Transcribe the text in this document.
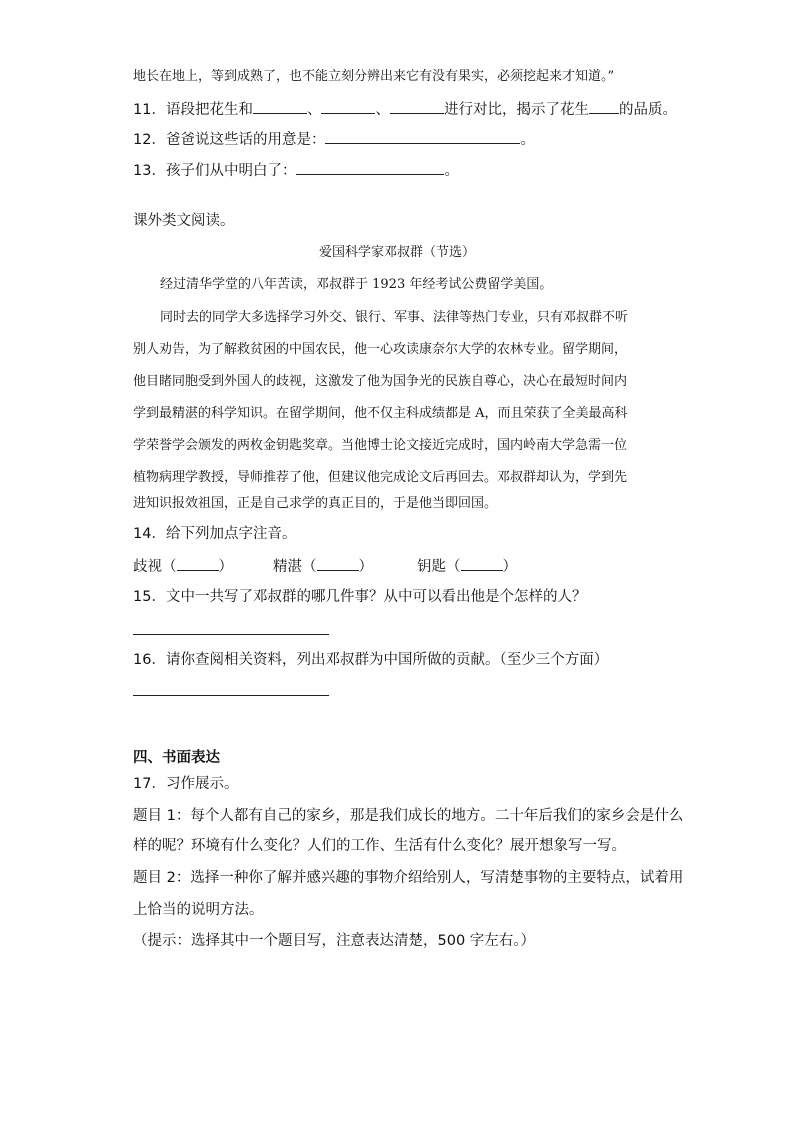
地长在地上，等到成熟了，也不能立刻分辨出来它有没有果实，必须挖起来才知道。”
11．语段把花生和	、	、	进行对比，揭示了花生 的品质。
12．爸爸说这些话的用意是：	。
13．孩子们从中明白了：	。
课外类文阅读。
爱国科学家邓叔群（节选）
经过清华学堂的八年苦读，邓叔群于 1923 年经考试公费留学美国。
同时去的同学大多选择学习外交、银行、军事、法律等热门专业，只有邓叔群不听
别人劝告，为了解救贫困的中国农民，他一心攻读康奈尔大学的农林专业。留学期间，
他目睹同胞受到外国人的歧视，这激发了他为国争光的民族自尊心，决心在最短时间内
学到最精湛的科学知识。在留学期间，他不仅主科成绩都是 A，而且荣获了全美最高科
学荣誉学会颁发的两枚金钥匙奖章。当他博士论文接近完成时，国内岭南大学急需一位
植物病理学教授，导师推荐了他，但建议他完成论文后再回去。邓叔群却认为，学到先
进知识报效祖国，正是自己求学的真正目的，于是他当即回国。
14．给下列加点字注音。
歧视（	）	精湛（	）	钥匙（	）
15．文中一共写了邓叔群的哪几件事？从中可以看出他是个怎样的人？
16．请你查阅相关资料，列出邓叔群为中国所做的贡献。（至少三个方面）
四、书面表达
17．习作展示。
题目 1：每个人都有自己的家乡，那是我们成长的地方。二十年后我们的家乡会是什么
样的呢？环境有什么变化？人们的工作、生活有什么变化？展开想象写一写。
题目 2：选择一种你了解并感兴趣的事物介绍给别人，写清楚事物的主要特点，试着用
上恰当的说明方法。
（提示：选择其中一个题目写，注意表达清楚，500 字左右。）
